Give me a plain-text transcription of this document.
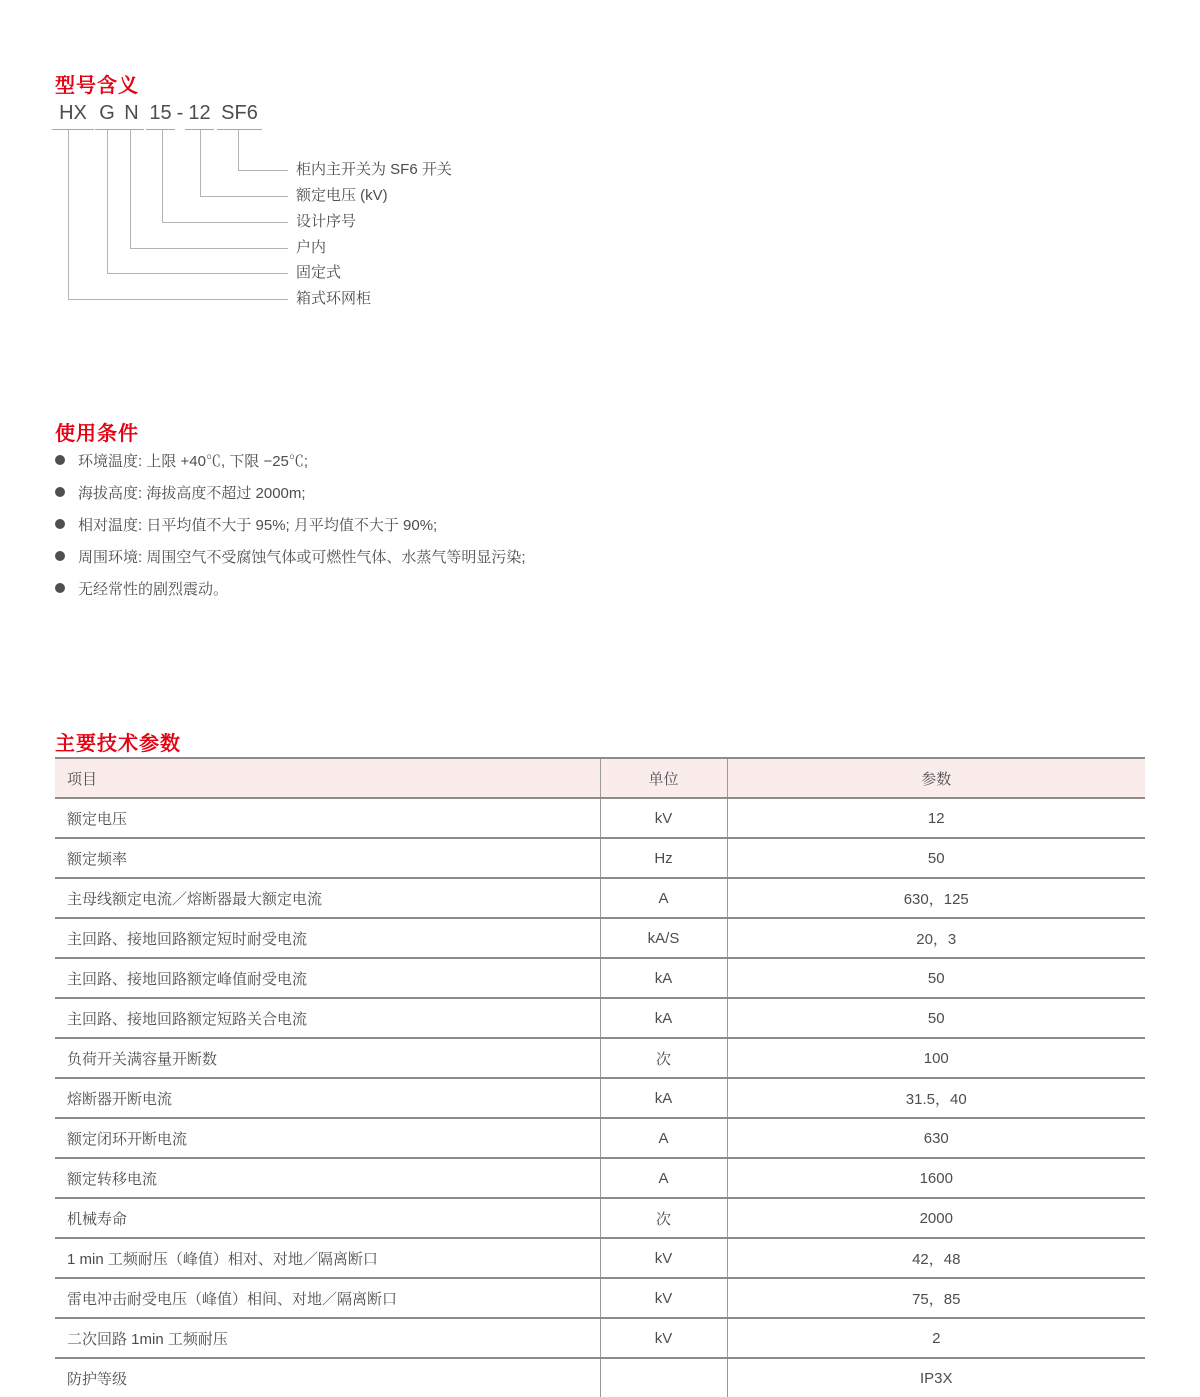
型号含义
HX G N 15 - 12 SF6
柜内主开关为 SF6 开关
额定电压 (kV)
设计序号
户内
固定式
箱式环网柜
使用条件
环境温度: 上限 +40℃, 下限 −25℃;
海拔高度: 海拔高度不超过 2000m;
相对温度: 日平均值不大于 95%; 月平均值不大于 90%;
周围环境: 周围空气不受腐蚀气体或可燃性气体、水蒸气等明显污染;
无经常性的剧烈震动。
主要技术参数
项目	单位	参数
额定电压	kV	12
额定频率	Hz	50
主母线额定电流／熔断器最大额定电流	A	630，125
主回路、接地回路额定短时耐受电流	kA/S	20，3
主回路、接地回路额定峰值耐受电流	kA	50
主回路、接地回路额定短路关合电流	kA	50
负荷开关满容量开断数	次	100
熔断器开断电流	kA	31.5，40
额定闭环开断电流	A	630
额定转移电流	A	1600
机械寿命	次	2000
1 min 工频耐压（峰值）相对、对地／隔离断口	kV	42，48
雷电冲击耐受电压（峰值）相间、对地／隔离断口	kV	75，85
二次回路 1min 工频耐压	kV	2
防护等级		IP3X
